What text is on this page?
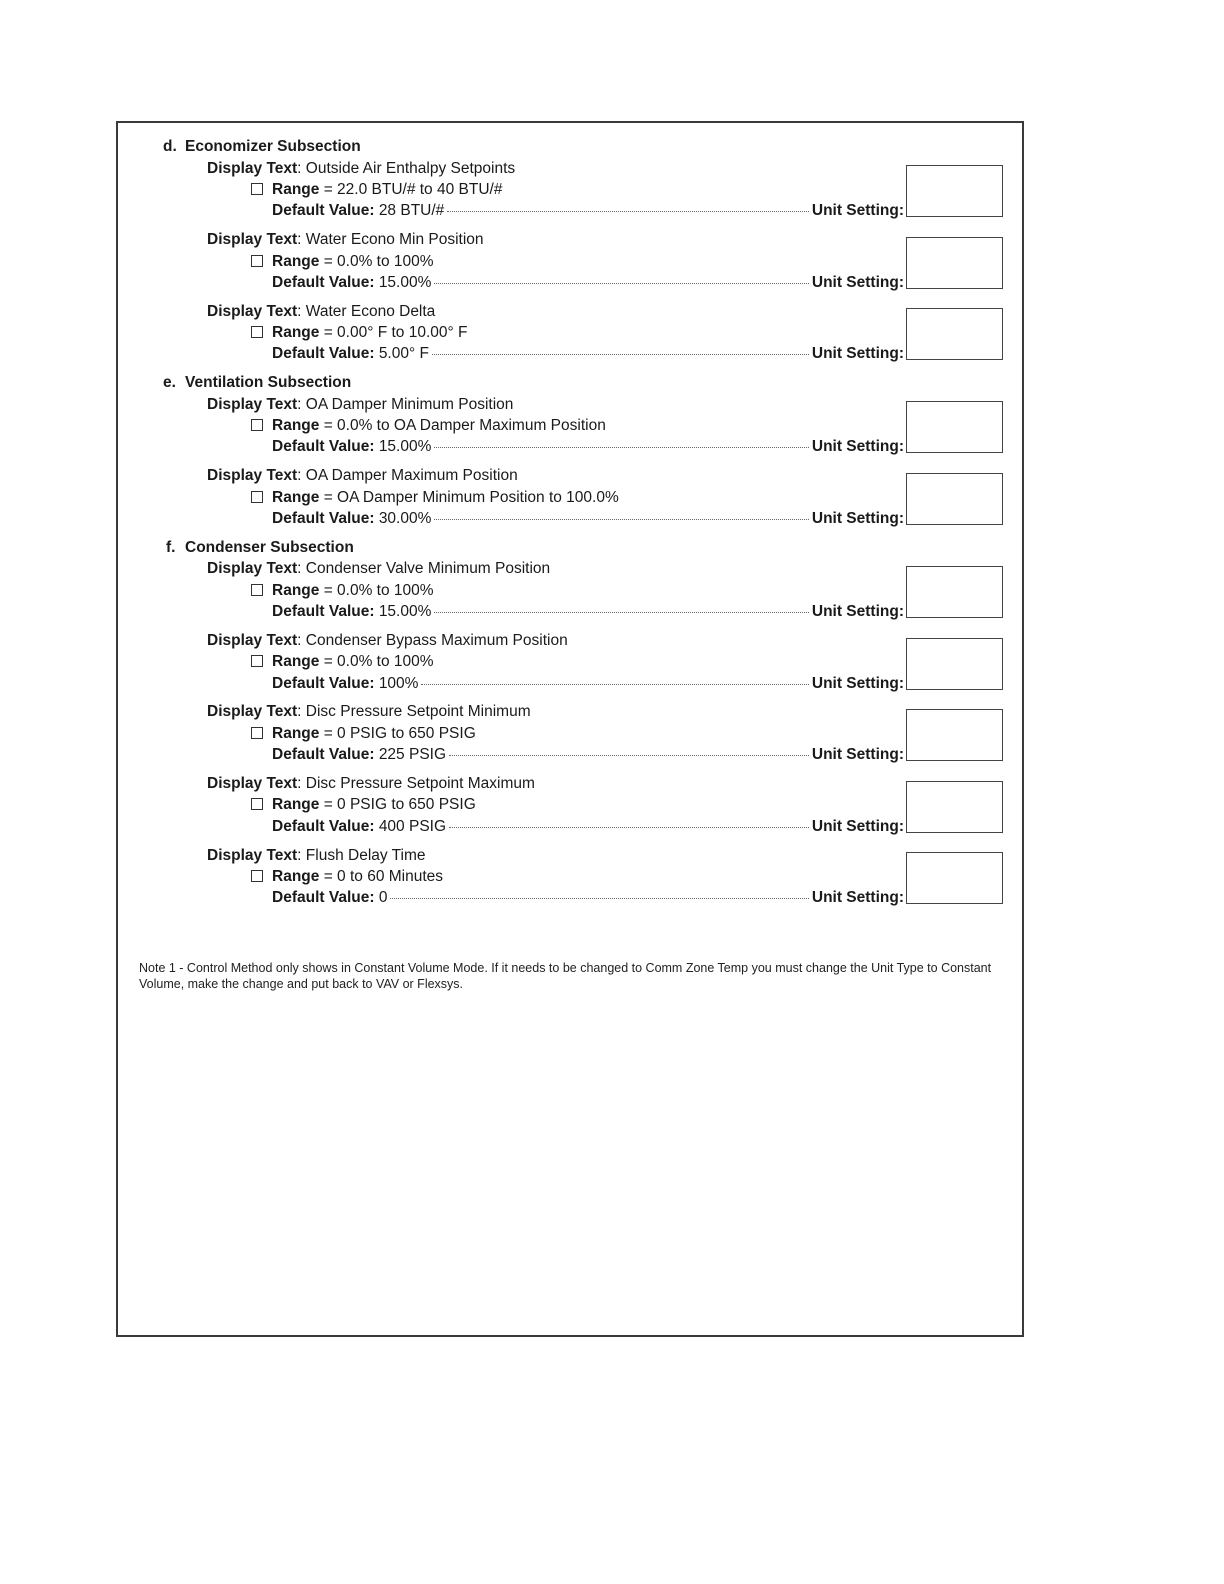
d. Economizer Subsection
Display Text: Outside Air Enthalpy Setpoints
Range = 22.0 BTU/# to 40 BTU/#
Default Value:
28 BTU/#	Unit Setting:
Display Text: Water Econo Min Position
Range = 0.0% to 100%
Default Value:
15.00%	Unit Setting:
Display Text: Water Econo Delta
Range = 0.00° F to 10.00° F
Default Value:
5.00° F	Unit Setting:
e. Ventilation Subsection
Display Text: OA Damper Minimum Position
Range = 0.0% to OA Damper Maximum Position
Default Value:
15.00%	Unit Setting:
Display Text: OA Damper Maximum Position
Range = OA Damper Minimum Position to 100.0%
Default Value:
30.00%	Unit Setting:
f. Condenser Subsection
Display Text: Condenser Valve Minimum Position
Range = 0.0% to 100%
Default Value:
15.00%	Unit Setting:
Display Text: Condenser Bypass Maximum Position
Range = 0.0% to 100%
Default Value:
100%	Unit Setting:
Display Text: Disc Pressure Setpoint Minimum
Range = 0 PSIG to 650 PSIG
Default Value:
225 PSIG	Unit Setting:
Display Text: Disc Pressure Setpoint Maximum
Range = 0 PSIG to 650 PSIG
Default Value:
400 PSIG	Unit Setting:
Display Text: Flush Delay Time
Range = 0 to 60 Minutes
Default Value:
0	Unit Setting:
Note 1 - Control Method only shows in Constant Volume Mode. If it needs to be changed to Comm Zone Temp you must change the Unit Type to Constant Volume, make the change and put back to VAV or Flexsys.
